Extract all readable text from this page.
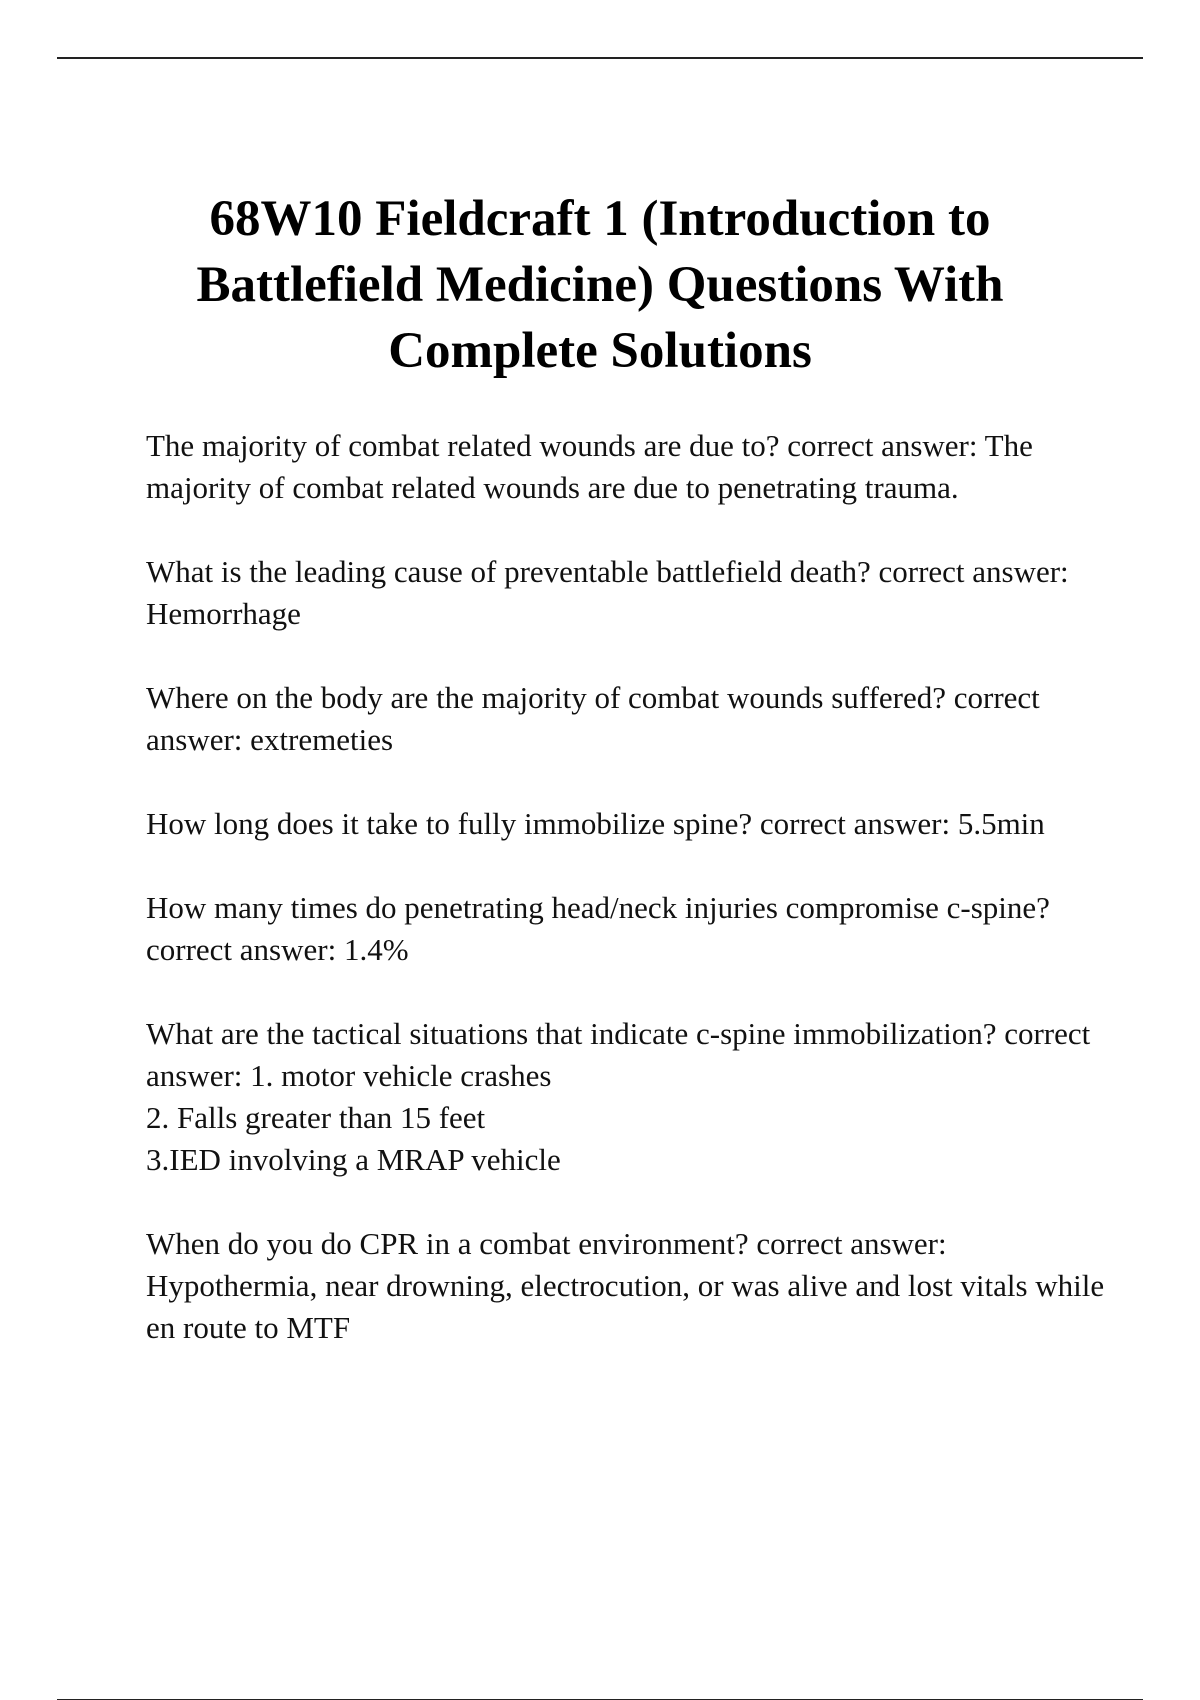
68W10 Fieldcraft 1 (Introduction to Battlefield Medicine) Questions With Complete Solutions
The majority of combat related wounds are due to? correct answer: The majority of combat related wounds are due to penetrating trauma.
What is the leading cause of preventable battlefield death? correct answer: Hemorrhage
Where on the body are the majority of combat wounds suffered? correct answer: extremeties
How long does it take to fully immobilize spine? correct answer: 5.5min
How many times do penetrating head/neck injuries compromise c-spine? correct answer: 1.4%
What are the tactical situations that indicate c-spine immobilization? correct answer: 1. motor vehicle crashes
2. Falls greater than 15 feet
3.IED involving a MRAP vehicle
When do you do CPR in a combat environment? correct answer: Hypothermia, near drowning, electrocution, or was alive and lost vitals while en route to MTF
